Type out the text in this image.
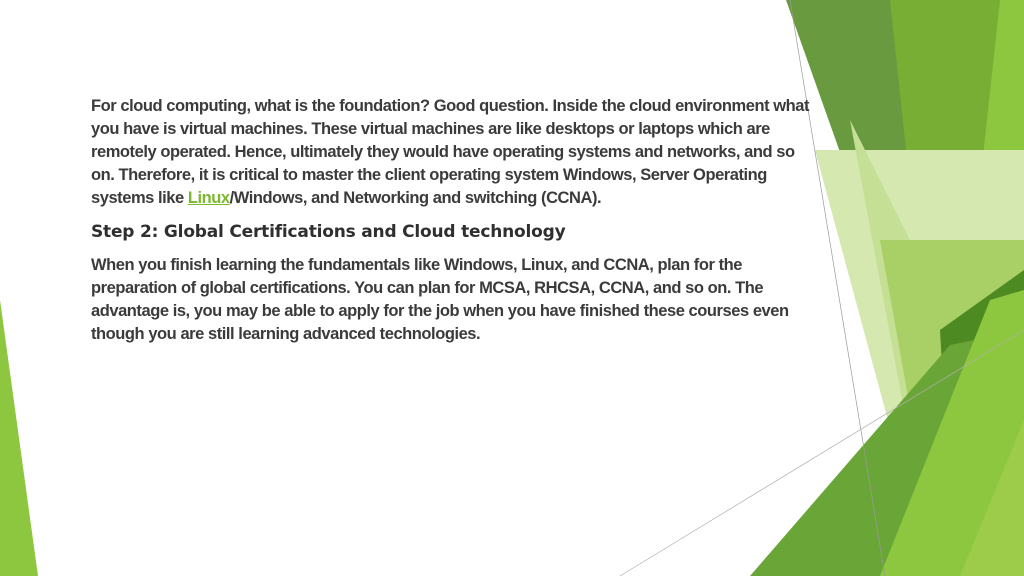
For cloud computing, what is the foundation? Good question. Inside the cloud environment what you have is virtual machines. These virtual machines are like desktops or laptops which are remotely operated. Hence, ultimately they would have operating systems and networks, and so on. Therefore, it is critical to master the client operating system Windows, Server Operating systems like Linux/Windows, and Networking and switching (CCNA).

Step 2: Global Certifications and Cloud technology

When you finish learning the fundamentals like Windows, Linux, and CCNA, plan for the preparation of global certifications. You can plan for MCSA, RHCSA, CCNA, and so on. The advantage is, you may be able to apply for the job when you have finished these courses even though you are still learning advanced technologies.
